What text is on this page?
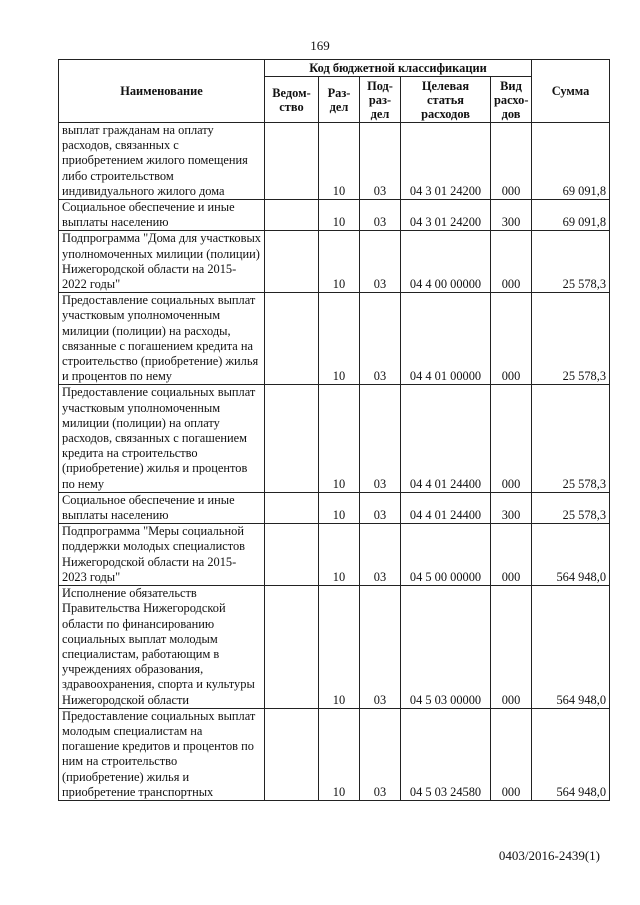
169
Наименование	Код бюджетной классификации					Сумма
	Ведом-ство	Раз-дел	Под-раз-дел	Целевая статья расходов	Вид расхо-дов	
выплат гражданам на оплату расходов, связанных с приобретением жилого помещения либо строительством индивидуального жилого дома		10	03	04 3 01 24200	000	69 091,8
Социальное обеспечение и иные выплаты населению		10	03	04 3 01 24200	300	69 091,8
Подпрограмма "Дома для участковых уполномоченных милиции (полиции) Нижегородской области на 2015-2022 годы"		10	03	04 4 00 00000	000	25 578,3
Предоставление социальных выплат участковым уполномоченным милиции (полиции) на расходы, связанные с погашением кредита на строительство (приобретение) жилья и процентов по нему		10	03	04 4 01 00000	000	25 578,3
Предоставление социальных выплат участковым уполномоченным милиции (полиции) на оплату расходов, связанных с погашением кредита на строительство (приобретение) жилья и процентов по нему		10	03	04 4 01 24400	000	25 578,3
Социальное обеспечение и иные выплаты населению		10	03	04 4 01 24400	300	25 578,3
Подпрограмма "Меры социальной поддержки молодых специалистов Нижегородской области на 2015-2023 годы"		10	03	04 5 00 00000	000	564 948,0
Исполнение обязательств Правительства Нижегородской области по финансированию социальных выплат молодым специалистам, работающим в учреждениях образования, здравоохранения, спорта и культуры Нижегородской области		10	03	04 5 03 00000	000	564 948,0
Предоставление социальных выплат молодым специалистам на погашение кредитов и процентов по ним на строительство (приобретение) жилья и приобретение транспортных		10	03	04 5 03 24580	000	564 948,0
0403/2016-2439(1)
